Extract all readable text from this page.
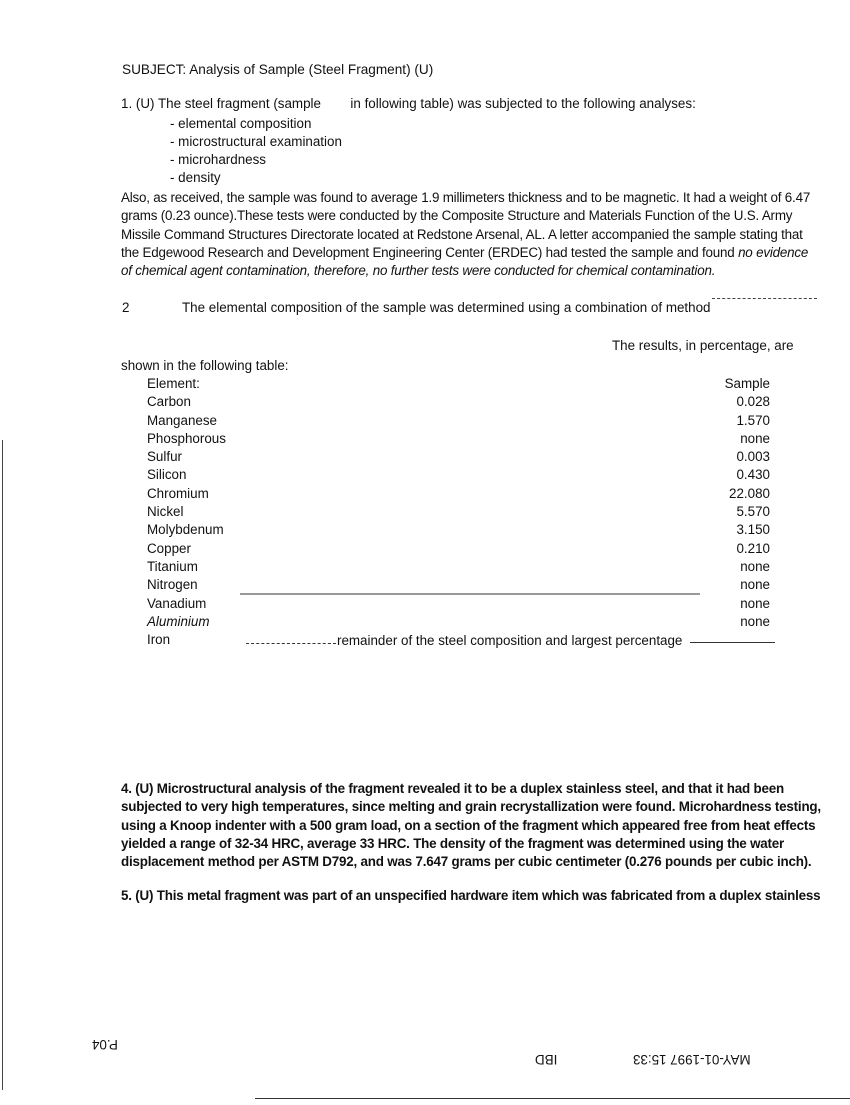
SUBJECT: Analysis of Sample (Steel Fragment) (U)
1. (U) The steel fragment (sample in following table) was subjected to the following analyses:
- elemental composition
- microstructural examination
- microhardness
- density
Also, as received, the sample was found to average 1.9 millimeters thickness and to be magnetic. It had a weight of 6.47 grams (0.23 ounce).These tests were conducted by the Composite Structure and Materials Function of the U.S. Army Missile Command Structures Directorate located at Redstone Arsenal, AL. A letter accompanied the sample stating that the Edgewood Research and Development Engineering Center (ERDEC) had tested the sample and found no evidence of chemical agent contamination, therefore, no further tests were conducted for chemical contamination.
2	The elemental composition of the sample was determined using a combination of method
The results, in percentage, are
shown in the following table:
Element:
Carbon
Manganese
Phosphorous
Sulfur
Silicon
Chromium
Nickel
Molybdenum
Copper
Titanium
Nitrogen
Vanadium
Aluminium
Iron
Sample
0.028
1.570
none
0.003
0.430
22.080
5.570
3.150
0.210
none
none
none
none
remainder of the steel composition and largest percentage
4. (U) Microstructural analysis of the fragment revealed it to be a duplex stainless steel, and that it had been subjected to very high temperatures, since melting and grain recrystallization were found. Microhardness testing, using a Knoop indenter with a 500 gram load, on a section of the fragment which appeared free from heat effects yielded a range of 32-34 HRC, average 33 HRC. The density of the fragment was determined using the water displacement method per ASTM D792, and was 7.647 grams per cubic centimeter (0.276 pounds per cubic inch).
5. (U) This metal fragment was part of an unspecified hardware item which was fabricated from a duplex stainless
P.04
IBD	MAY-01-1997 15:33
